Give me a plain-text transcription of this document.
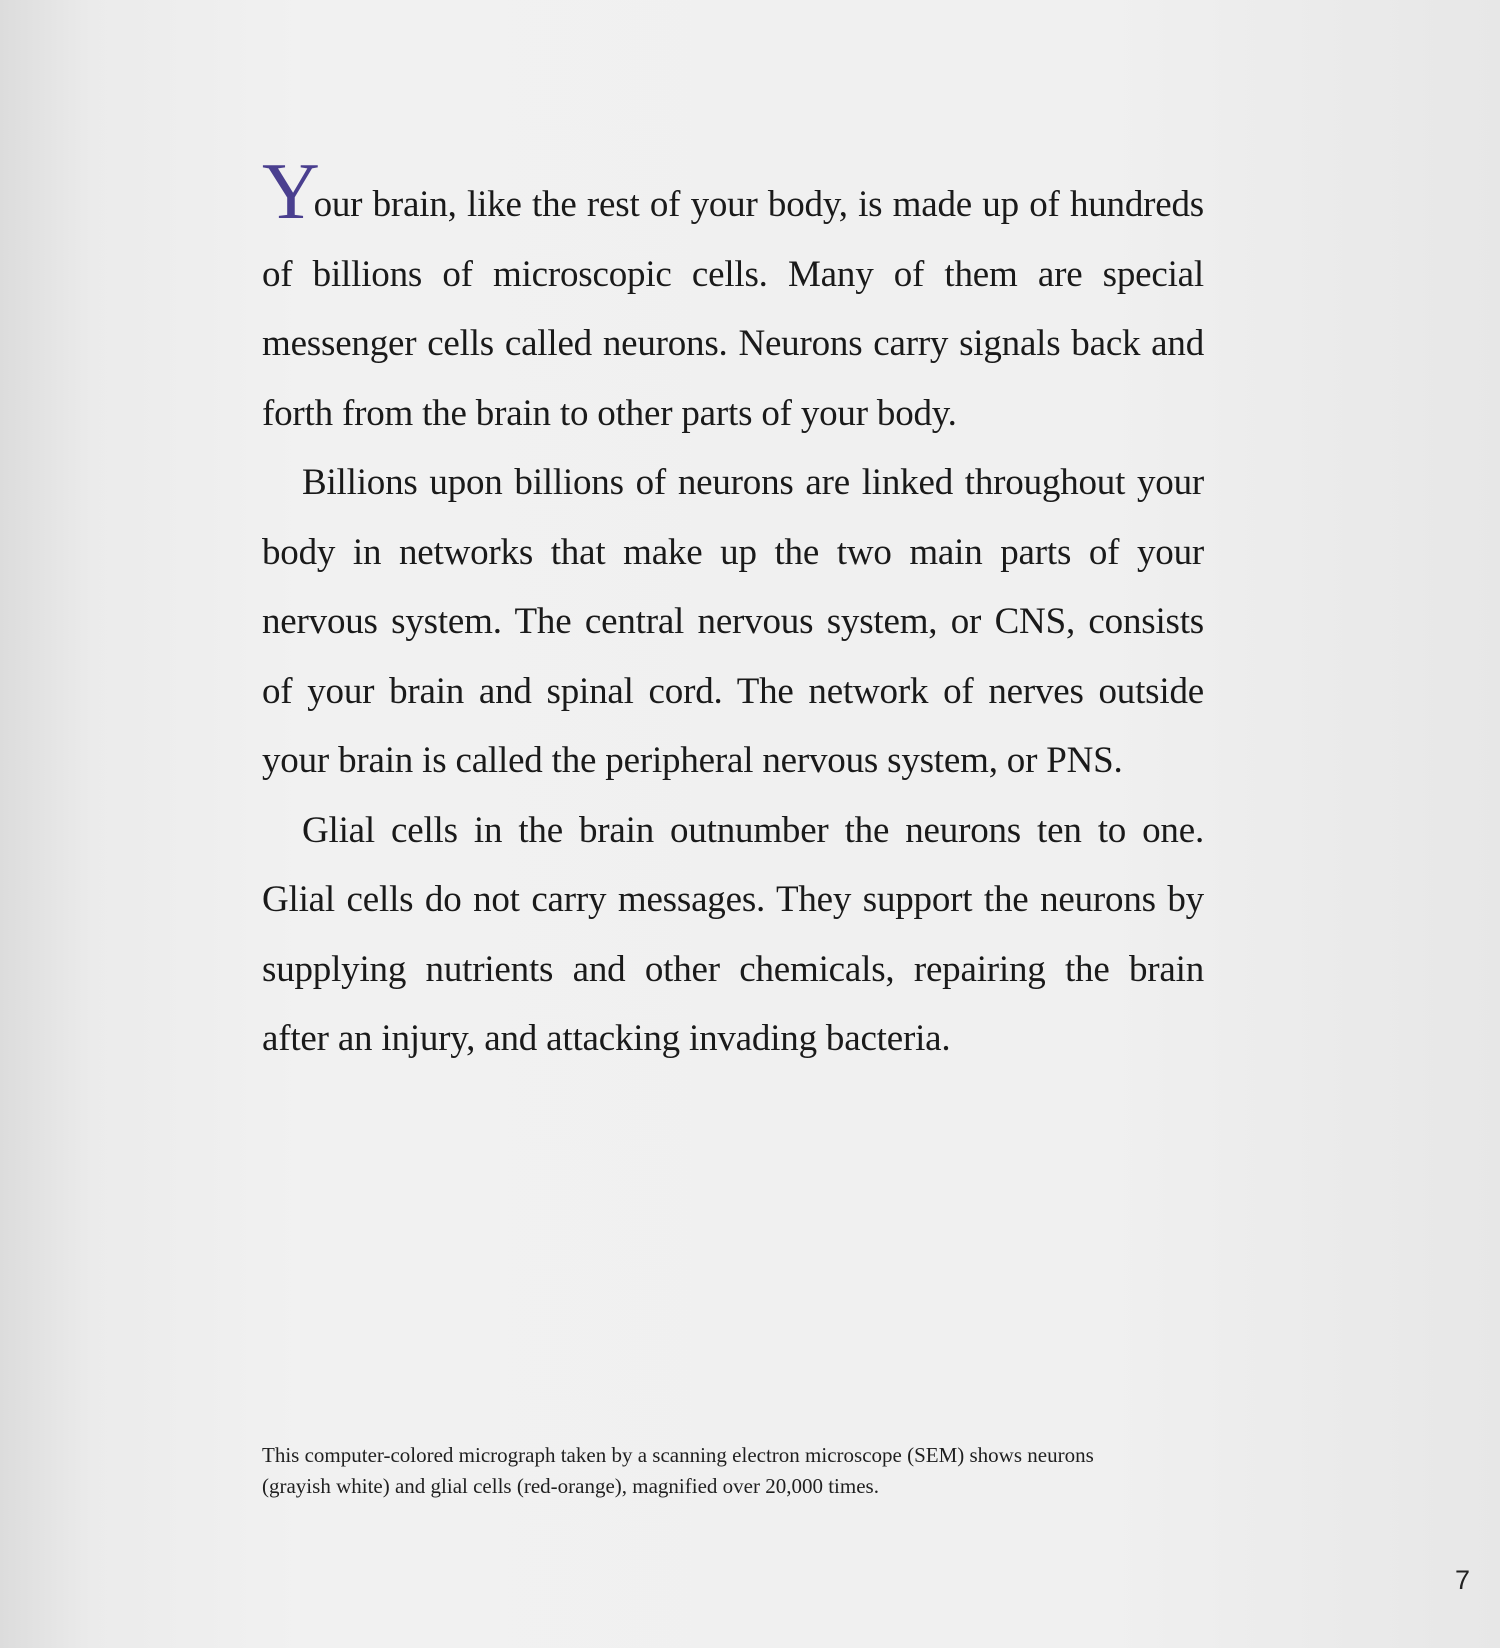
Your brain, like the rest of your body, is made up of hundreds of billions of microscopic cells. Many of them are special messenger cells called neurons. Neurons carry signals back and forth from the brain to other parts of your body.

Billions upon billions of neurons are linked throughout your body in networks that make up the two main parts of your nervous system. The central nervous system, or CNS, consists of your brain and spinal cord. The network of nerves outside your brain is called the peripheral nervous system, or PNS.

Glial cells in the brain outnumber the neurons ten to one. Glial cells do not carry messages. They support the neurons by supplying nutrients and other chemicals, repairing the brain after an injury, and attacking invading bacteria.

This computer-colored micrograph taken by a scanning electron microscope (SEM) shows neurons (grayish white) and glial cells (red-orange), magnified over 20,000 times.

7
